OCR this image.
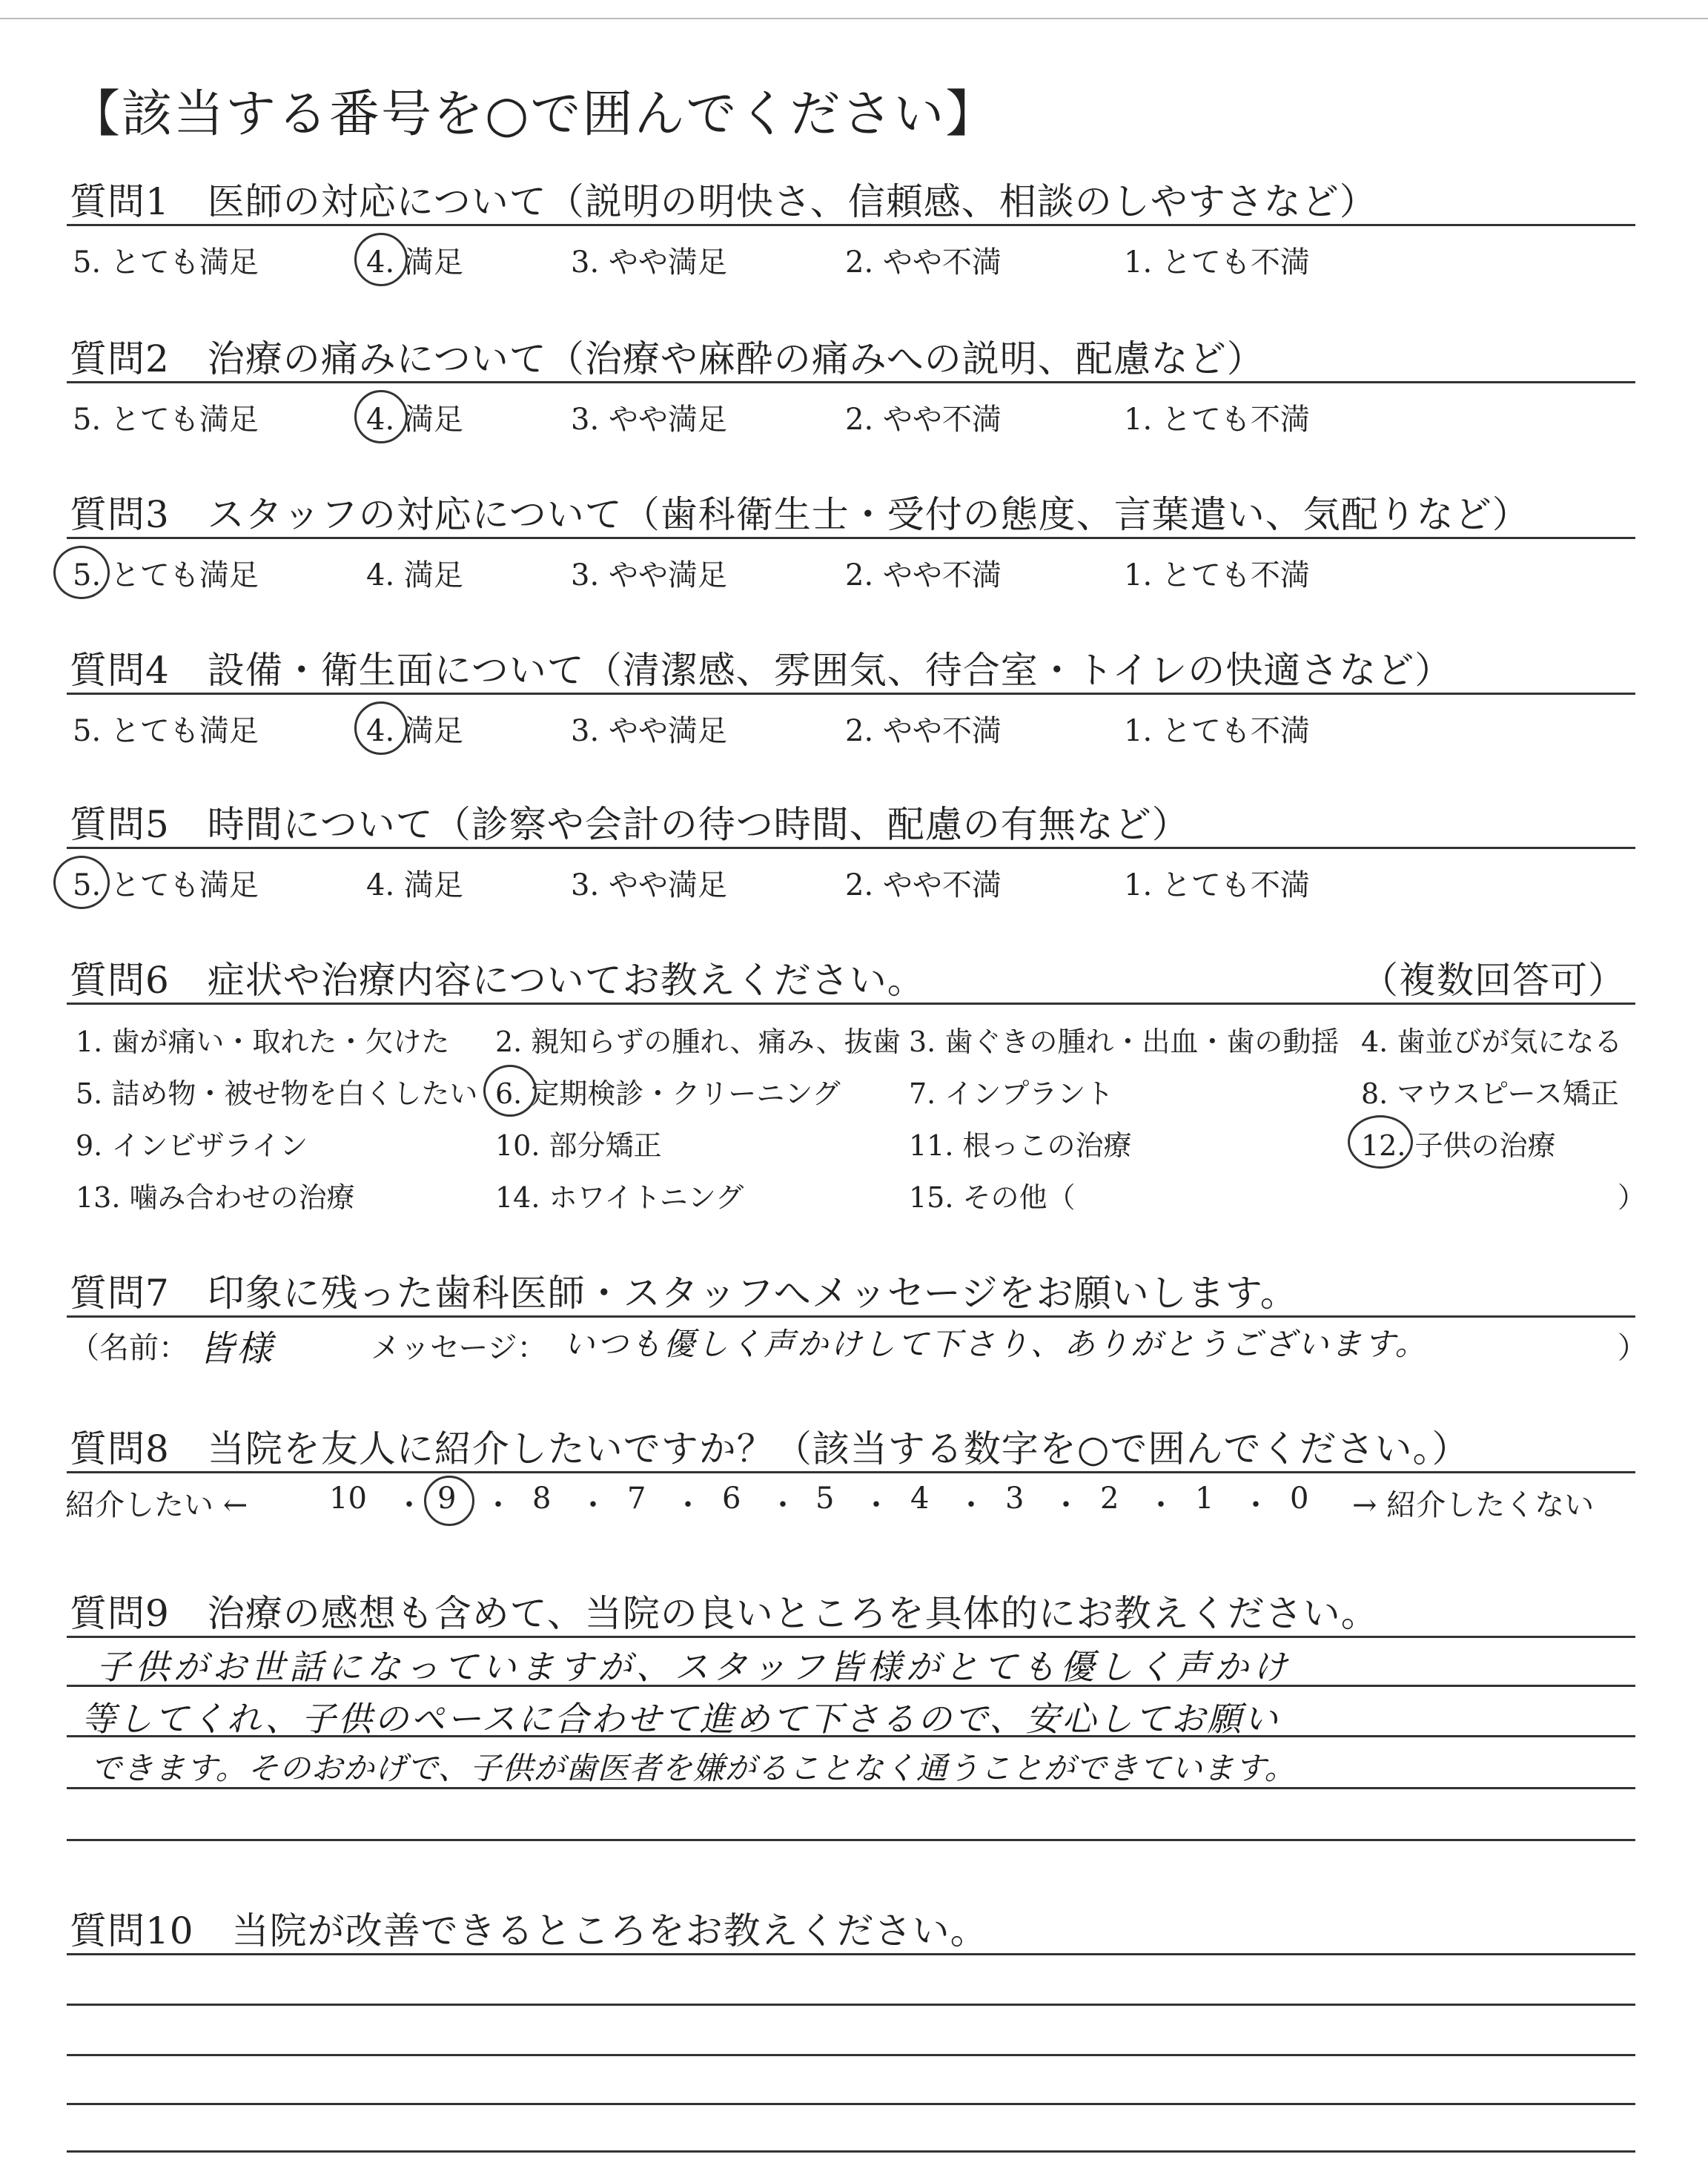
【該当する番号を○で囲んでください】
質問1　医師の対応について（説明の明快さ、信頼感、相談のしやすさなど）
5. とても満足	4. 満足	3. やや満足	2. やや不満	1. とても不満
質問2　治療の痛みについて（治療や麻酔の痛みへの説明、配慮など）
5. とても満足	4. 満足	3. やや満足	2. やや不満	1. とても不満
質問3　スタッフの対応について（歯科衛生士・受付の態度、言葉遣い、気配りなど）
5. とても満足	4. 満足	3. やや満足	2. やや不満	1. とても不満
質問4　設備・衛生面について（清潔感、雰囲気、待合室・トイレの快適さなど）
5. とても満足	4. 満足	3. やや満足	2. やや不満	1. とても不満
質問5　時間について（診察や会計の待つ時間、配慮の有無など）
5. とても満足	4. 満足	3. やや満足	2. やや不満	1. とても不満
質問6　症状や治療内容についてお教えください。	（複数回答可）
1. 歯が痛い・取れた・欠けた 2. 親知らずの腫れ、痛み、抜歯 3. 歯ぐきの腫れ・出血・歯の動揺 4. 歯並びが気になる
5. 詰め物・被せ物を白くしたい 6. 定期検診・クリーニング 7. インプラント	8. マウスピース矯正
9. インビザライン	10. 部分矯正	11. 根っこの治療	12. 子供の治療
13. 噛み合わせの治療	14. ホワイトニング	15. その他（	）
質問7　印象に残った歯科医師・スタッフへメッセージをお願いします。
（名前： 皆様	メッセージ： いつも優しく声かけして下さり、ありがとうございます。	）
質問8　当院を友人に紹介したいですか？（該当する数字を○で囲んでください。）
紹介したい ←	→ 紹介したくない
10 9	8	7	6	5	4	3	2	1	0
・ ・ ・ ・ ・ ・ ・ ・ ・ ・
質問9　治療の感想も含めて、当院の良いところを具体的にお教えください。
子供がお世話になっていますが、スタッフ皆様がとても優しく声かけ
等してくれ、子供のペースに合わせて進めて下さるので、安心してお願い
できます。そのおかげで、子供が歯医者を嫌がることなく通うことができています。
質問10　当院が改善できるところをお教えください。
